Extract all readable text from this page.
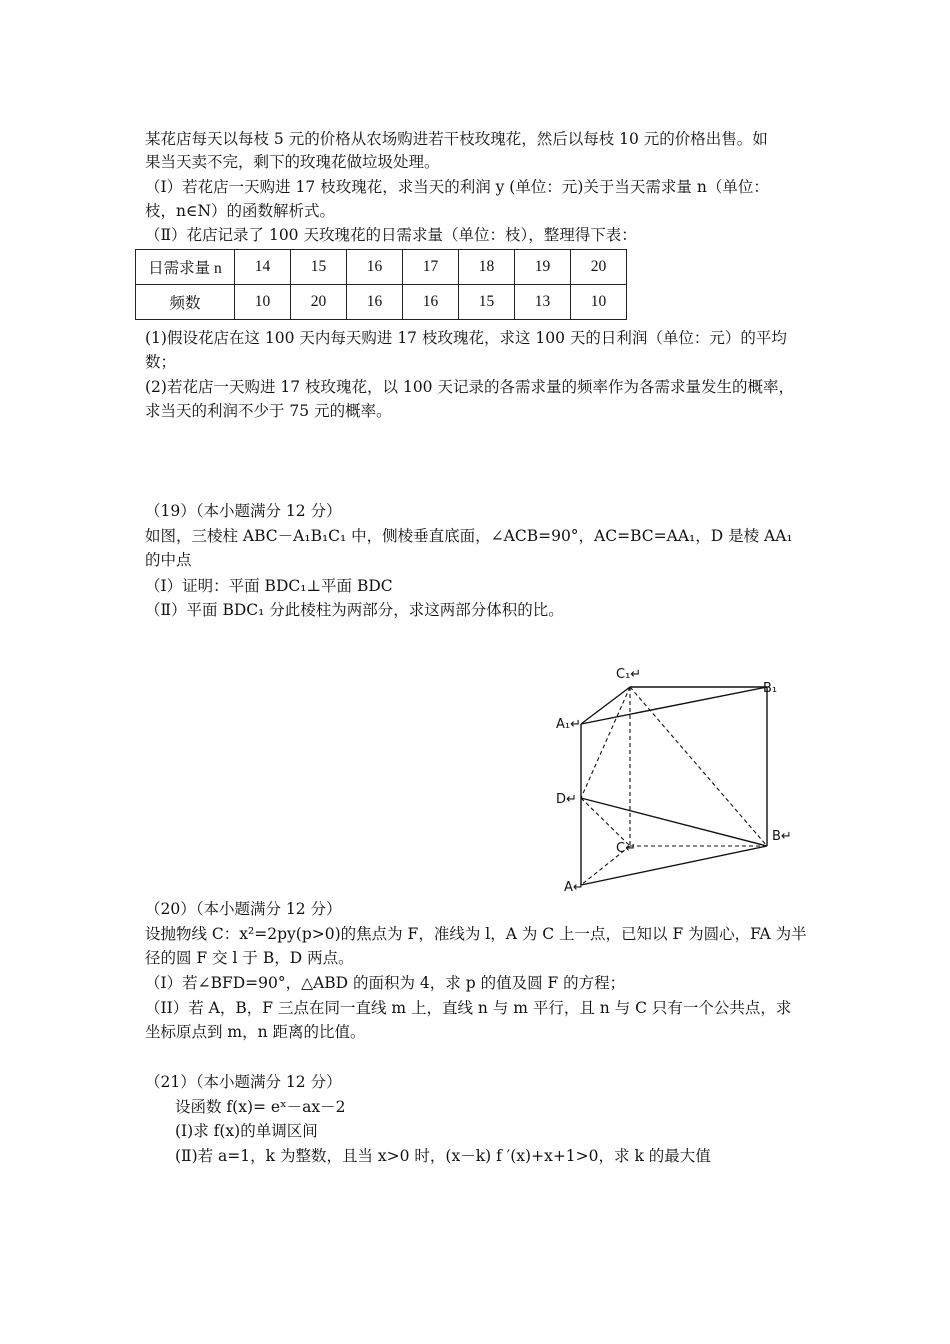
某花店每天以每枝 5 元的价格从农场购进若干枝玫瑰花，然后以每枝 10 元的价格出售。如
果当天卖不完，剩下的玫瑰花做垃圾处理。
（Ⅰ）若花店一天购进 17 枝玫瑰花，求当天的利润 y (单位：元)关于当天需求量 n（单位：
枝，n∈N）的函数解析式。
（Ⅱ）花店记录了 100 天玫瑰花的日需求量（单位：枝），整理得下表：
日需求量 n	14	15	16	17	18	19	20
频数	10	20	16	16	15	13	10
(1)假设花店在这 100 天内每天购进 17 枝玫瑰花，求这 100 天的日利润（单位：元）的平均
数；
(2)若花店一天购进 17 枝玫瑰花，以 100 天记录的各需求量的频率作为各需求量发生的概率，
求当天的利润不少于 75 元的概率。
（19）（本小题满分 12 分）
如图，三棱柱 ABC－A₁B₁C₁ 中，侧棱垂直底面，∠ACB=90°，AC=BC=AA₁，D 是棱 AA₁
的中点
（Ⅰ）证明：平面 BDC₁⊥平面 BDC
（Ⅱ）平面 BDC₁ 分此棱柱为两部分，求这两部分体积的比。
C₁↵
B₁
A₁↵
D↵
B↵
C↵
A↵
（20）（本小题满分 12 分）
设抛物线 C：x²=2py(p>0)的焦点为 F，准线为 l，A 为 C 上一点，已知以 F 为圆心，FA 为半
径的圆 F 交 l 于 B，D 两点。
（I）若∠BFD=90°，△ABD 的面积为 4，求 p 的值及圆 F 的方程；
（II）若 A，B，F 三点在同一直线 m 上，直线 n 与 m 平行，且 n 与 C 只有一个公共点，求
坐标原点到 m，n 距离的比值。
（21）（本小题满分 12 分）
设函数 f(x)= eˣ－ax－2
(Ⅰ)求 f(x)的单调区间
(Ⅱ)若 a=1，k 为整数，且当 x>0 时，(x－k) f ′(x)+x+1>0，求 k 的最大值
